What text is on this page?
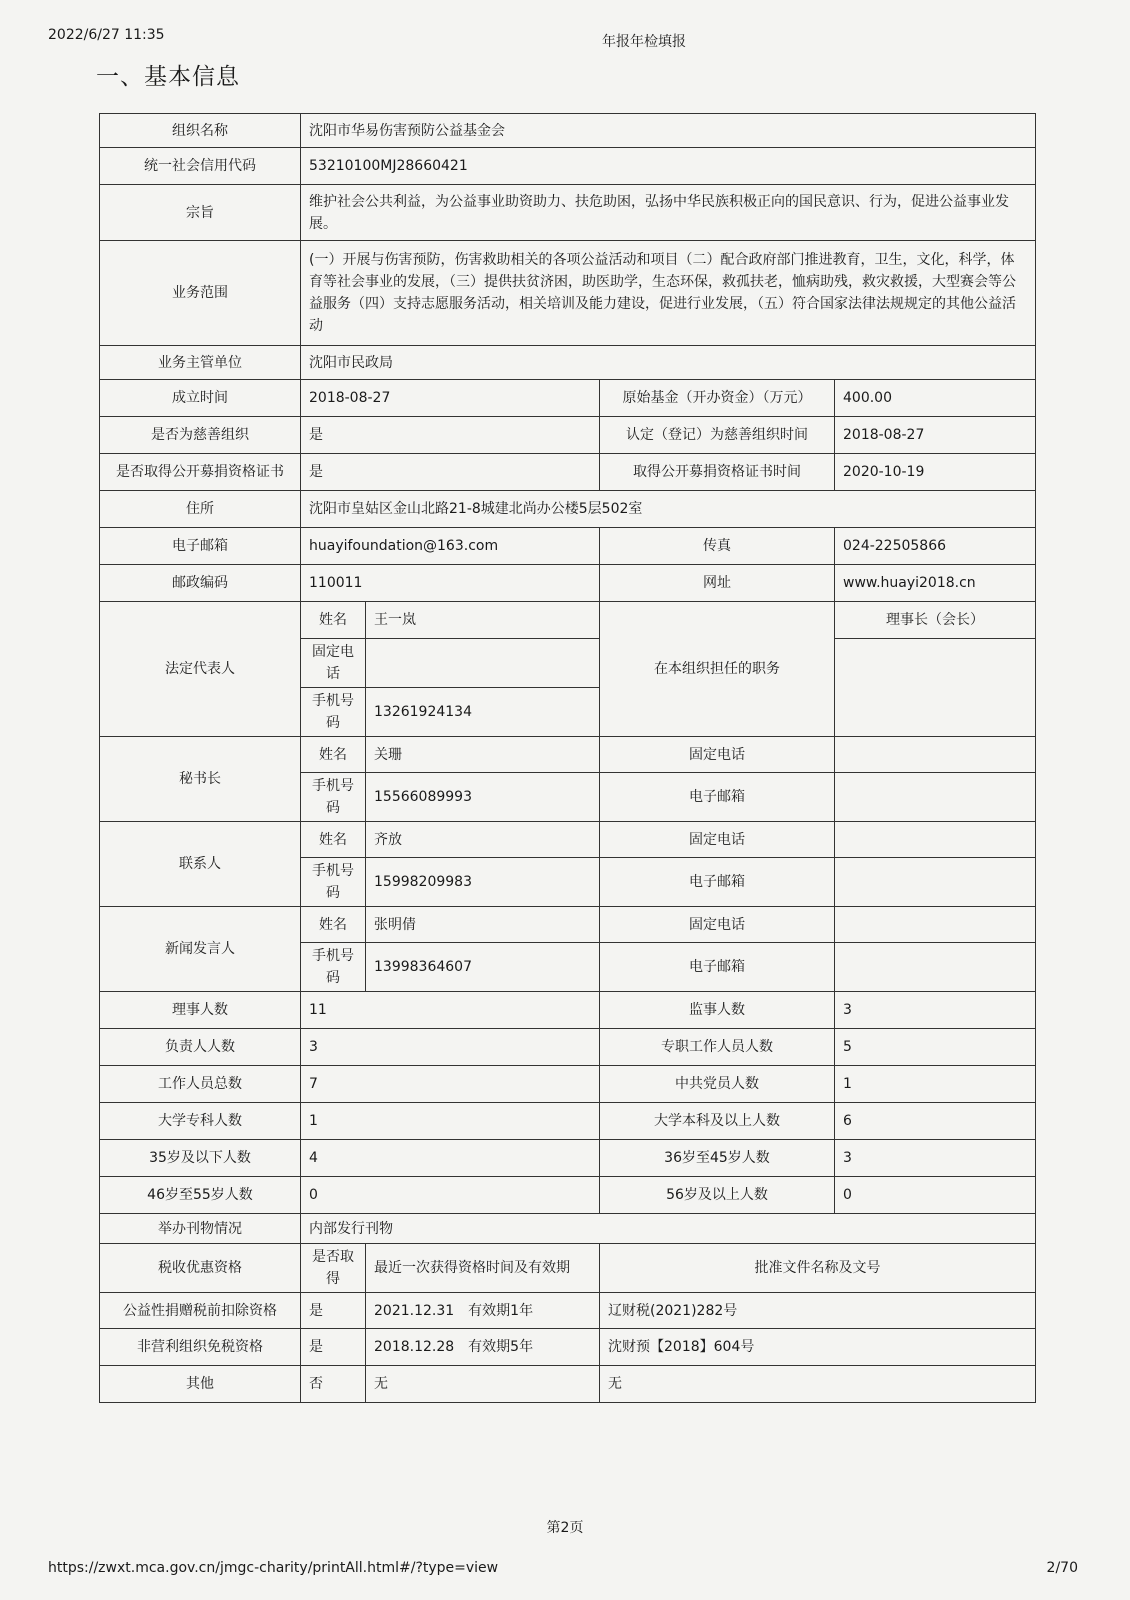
2022/6/27 11:35	年报年检填报
一、基本信息
组织名称	沈阳市华易伤害预防公益基金会			
统一社会信用代码	53210100MJ28660421			
宗旨	维护社会公共利益，为公益事业助资助力、扶危助困，弘扬中华民族积极正向的国民意识、行为，促进公益事业发展。			
业务范围	(一）开展与伤害预防，伤害救助相关的各项公益活动和项目（二）配合政府部门推进教育，卫生，文化，科学，体育等社会事业的发展，（三）提供扶贫济困，助医助学，生态环保，救孤扶老，恤病助残，救灾救援，大型赛会等公益服务（四）支持志愿服务活动，相关培训及能力建设，促进行业发展，（五）符合国家法律法规规定的其他公益活动			
业务主管单位	沈阳市民政局			
成立时间	2018-08-27		原始基金（开办资金）（万元）	400.00
是否为慈善组织	是		认定（登记）为慈善组织时间	2018-08-27
是否取得公开募捐资格证书	是		取得公开募捐资格证书时间	2020-10-19
住所	沈阳市皇姑区金山北路21-8城建北尚办公楼5层502室			
电子邮箱	huayifoundation@163.com		传真	024-22505866
邮政编码	110011		网址	www.huayi2018.cn
法定代表人	姓名	王一岚	在本组织担任的职务	理事长（会长）
	固定电话			
	手机号码	13261924134		
秘书长	姓名	关珊	固定电话	
	手机号码	15566089993	电子邮箱	
联系人	姓名	齐放	固定电话	
	手机号码	15998209983	电子邮箱	
新闻发言人	姓名	张明倩	固定电话	
	手机号码	13998364607	电子邮箱	
理事人数	11		监事人数	3
负责人人数	3		专职工作人员人数	5
工作人员总数	7		中共党员人数	1
大学专科人数	1		大学本科及以上人数	6
35岁及以下人数	4		36岁至45岁人数	3
46岁至55岁人数	0		56岁及以上人数	0
举办刊物情况	内部发行刊物			
税收优惠资格	是否取得	最近一次获得资格时间及有效期	批准文件名称及文号	
公益性捐赠税前扣除资格	是	2021.12.31　有效期1年	辽财税(2021)282号	
非营利组织免税资格	是	2018.12.28　有效期5年	沈财预【2018】604号	
其他	否	无	无	
第2页
https://zwxt.mca.gov.cn/jmgc-charity/printAll.html#/?type=view	2/70
